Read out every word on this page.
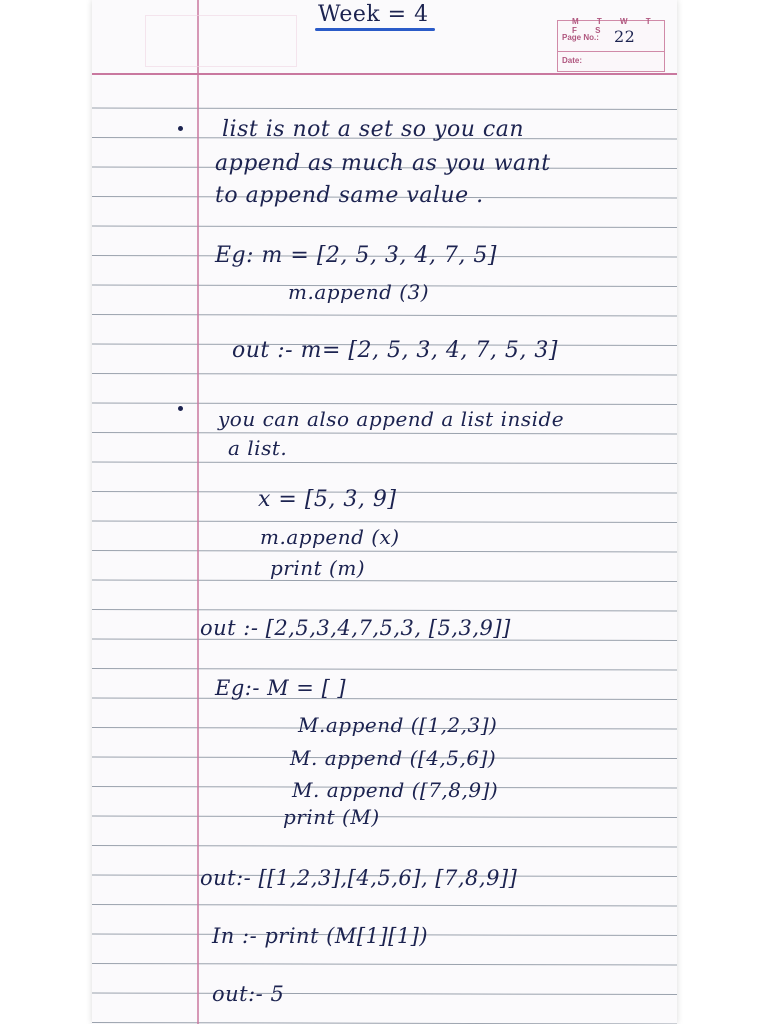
M T W T F S
Page No.: 22
Date:
Week = 4
list is not a set so you can
append as much as you want
to append same value .
Eg: m = [2, 5, 3, 4, 7, 5]
m.append (3)
out :- m= [2, 5, 3, 4, 7, 5, 3]
you can also append a list inside
a list.
x = [5, 3, 9]
m.append (x)
print (m)
out :- [2,5,3,4,7,5,3, [5,3,9]]
Eg:- M = [ ]
M.append ([1,2,3])
M. append ([4,5,6])
M. append ([7,8,9])
print (M)
out:- [[1,2,3],[4,5,6], [7,8,9]]
In :- print (M[1][1])
out:- 5
